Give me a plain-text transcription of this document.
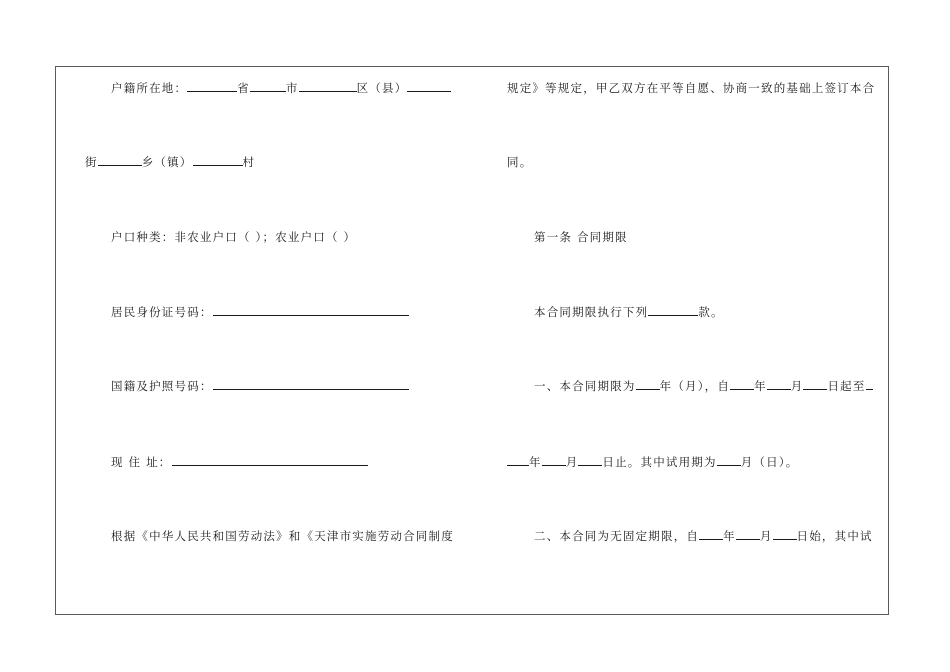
户籍所在地：	省	市	区（县）
街	乡（镇）	村
户口种类：非农业户口（ ）；农业户口（ ）
居民身份证号码：
国籍及护照号码：
现 住 址：
根据《中华人民共和国劳动法》和《天津市实施劳动合同制度
规定》等规定，甲乙双方在平等自愿、协商一致的基础上签订本合
同。
第一条 合同期限
本合同期限执行下列	款。
一、本合同期限为 年（月），自 年 月 日起至
年 月 日止。其中试用期为 月（日）。
二、本合同为无固定期限，自 年 月 日始，其中试
